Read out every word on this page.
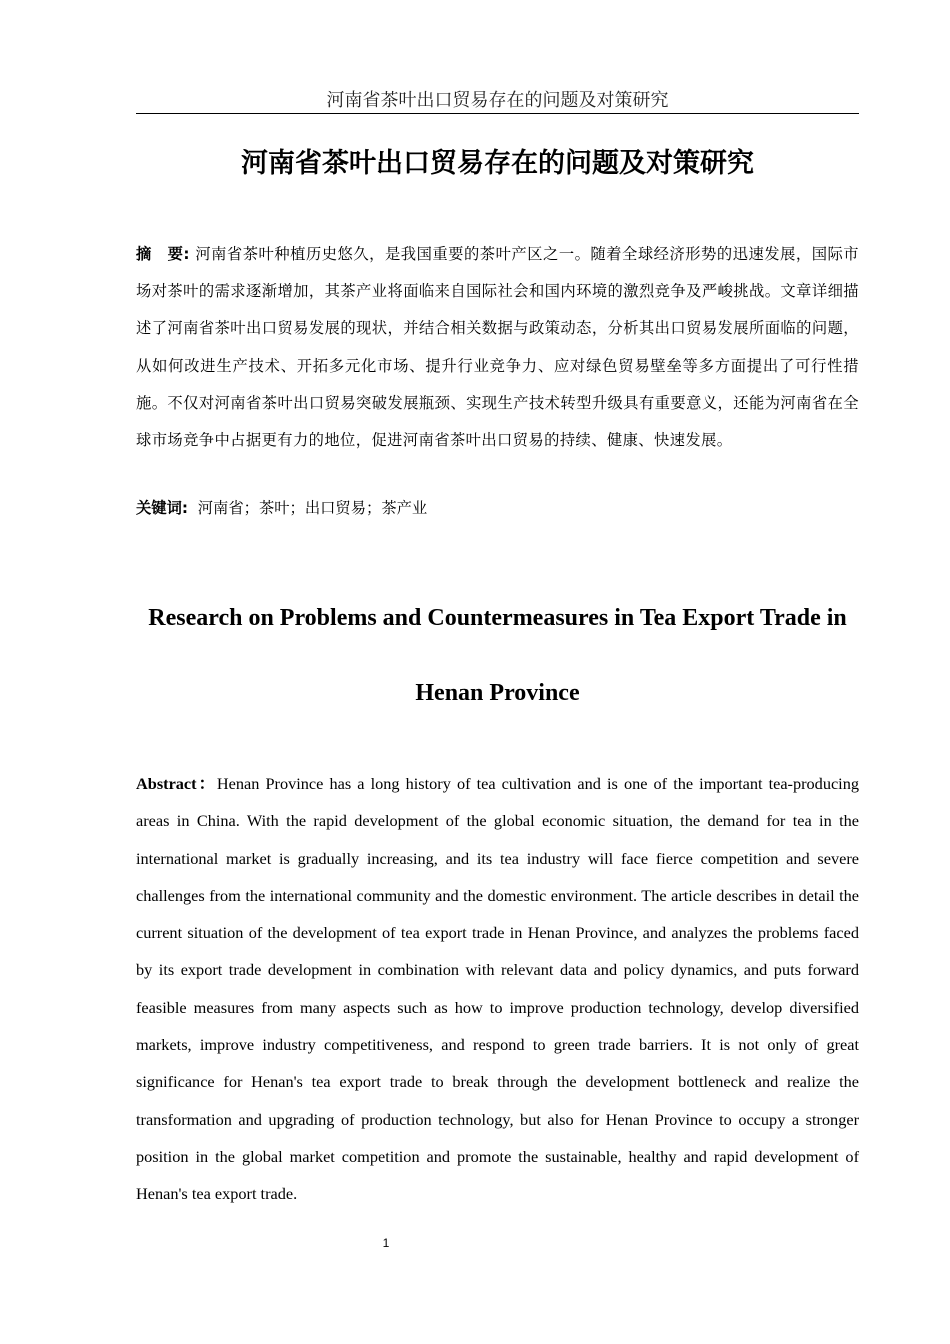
河南省茶叶出口贸易存在的问题及对策研究
河南省茶叶出口贸易存在的问题及对策研究
摘　要: 河南省茶叶种植历史悠久，是我国重要的茶叶产区之一。随着全球经济形势的迅速发展，国际市场对茶叶的需求逐渐增加，其茶产业将面临来自国际社会和国内环境的激烈竞争及严峻挑战。文章详细描述了河南省茶叶出口贸易发展的现状，并结合相关数据与政策动态，分析其出口贸易发展所面临的问题，从如何改进生产技术、开拓多元化市场、提升行业竞争力、应对绿色贸易壁垒等多方面提出了可行性措施。不仅对河南省茶叶出口贸易突破发展瓶颈、实现生产技术转型升级具有重要意义，还能为河南省在全球市场竞争中占据更有力的地位，促进河南省茶叶出口贸易的持续、健康、快速发展。
关键词: 河南省；茶叶；出口贸易；茶产业
Research on Problems and Countermeasures in Tea Export Trade in
Henan Province
Abstract：Henan Province has a long history of tea cultivation and is one of the important tea-producing areas in China. With the rapid development of the global economic situation, the demand for tea in the international market is gradually increasing, and its tea industry will face fierce competition and severe challenges from the international community and the domestic environment. The article describes in detail the current situation of the development of tea export trade in Henan Province, and analyzes the problems faced by its export trade development in combination with relevant data and policy dynamics, and puts forward feasible measures from many aspects such as how to improve production technology, develop diversified markets, improve industry competitiveness, and respond to green trade barriers. It is not only of great significance for Henan's tea export trade to break through the development bottleneck and realize the transformation and upgrading of production technology, but also for Henan Province to occupy a stronger position in the global market competition and promote the sustainable, healthy and rapid development of Henan's tea export trade.
1
